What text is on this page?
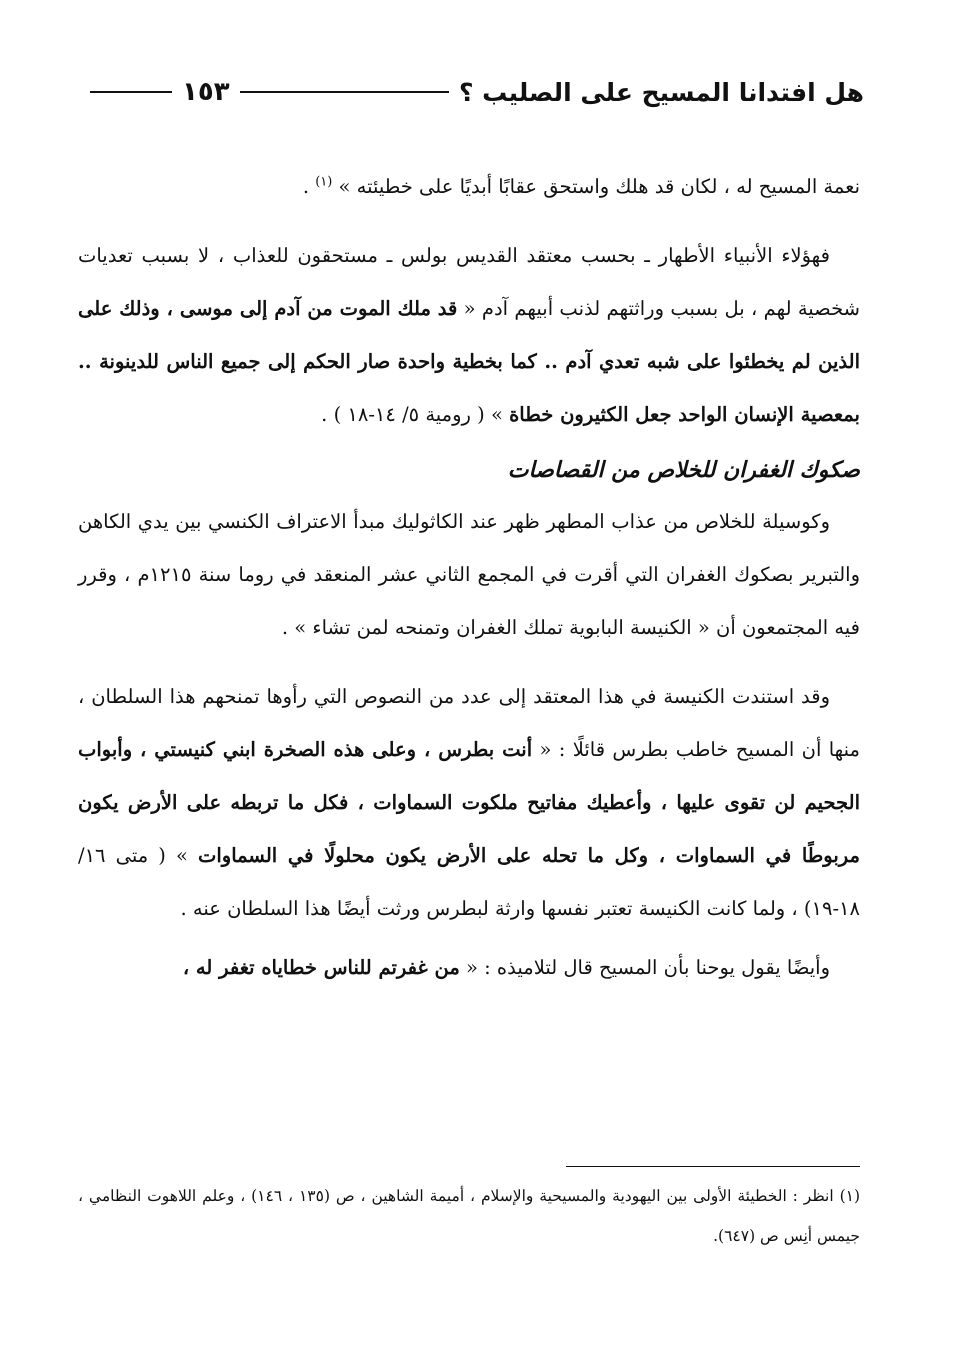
هل افتدانا المسيح على الصليب ؟
١٥٣

نعمة المسيح له ، لكان قد هلك واستحق عقابًا أبديًا على خطيئته » $^{(١)}$ .

فهؤلاء الأنبياء الأطهار ـ بحسب معتقد القديس بولس ـ مستحقون للعذاب ، لا بسبب تعديات شخصية لهم ، بل بسبب وراثتهم لذنب أبيهم آدم « قد ملك الموت من آدم إلى موسى ، وذلك على الذين لم يخطئوا على شبه تعدي آدم .. كما بخطية واحدة صار الحكم إلى جميع الناس للدينونة .. بمعصية الإنسان الواحد جعل الكثيرون خطاة » ( رومية ٥/ ١٤-١٨ ) .

صكوك الغفران للخلاص من القصاصات

وكوسيلة للخلاص من عذاب المطهر ظهر عند الكاثوليك مبدأ الاعتراف الكنسي بين يدي الكاهن والتبرير بصكوك الغفران التي أقرت في المجمع الثاني عشر المنعقد في روما سنة ١٢١٥م ، وقرر فيه المجتمعون أن « الكنيسة البابوية تملك الغفران وتمنحه لمن تشاء » .

وقد استندت الكنيسة في هذا المعتقد إلى عدد من النصوص التي رأوها تمنحهم هذا السلطان ، منها أن المسيح خاطب بطرس قائلًا : « أنت بطرس ، وعلى هذه الصخرة ابني كنيستي ، وأبواب الجحيم لن تقوى عليها ، وأعطيك مفاتيح ملكوت السماوات ، فكل ما تربطه على الأرض يكون مربوطًا في السماوات ، وكل ما تحله على الأرض يكون محلولًا في السماوات » ( متى ١٦/ ١٨-١٩) ، ولما كانت الكنيسة تعتبر نفسها وارثة لبطرس ورثت أيضًا هذا السلطان عنه .

وأيضًا يقول يوحنا بأن المسيح قال لتلاميذه : « من غفرتم للناس خطاياه تغفر له ،

(١) انظر : الخطيئة الأولى بين اليهودية والمسيحية والإسلام ، أميمة الشاهين ، ص (١٣٥ ، ١٤٦) ، وعلم اللاهوت النظامي ، جيمس أنِس ص (٦٤٧).
